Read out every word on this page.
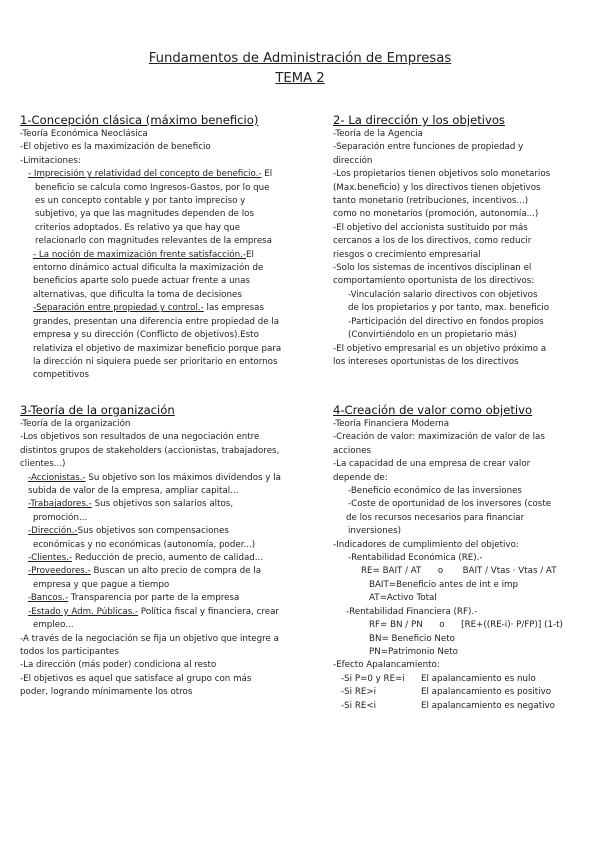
Fundamentos de Administración de Empresas
TEMA 2
1-Concepción clásica (máximo beneficio)
-Teoría Económica Neoclásica
-El objetivo es la maximización de beneficio
-Limitaciones:
- Imprecisión y relatividad del concepto de beneficio.- El
beneficio se calcula como Ingresos-Gastos, por lo que
es un concepto contable y por tanto impreciso y
subjetivo, ya que las magnitudes dependen de los
criterios adoptados. Es relativo ya que hay que
relacionarlo con magnitudes relevantes de la empresa
- La noción de maximización frente satisfacción.-El
entorno dinámico actual dificulta la maximización de
beneficios aparte solo puede actuar frente a unas
alternativas, que dificulta la toma de decisiones
-Separación entre propiedad y control.- las empresas
grandes, presentan una diferencia entre propiedad de la
empresa y su dirección (Conflicto de objetivos).Esto
relativiza el objetivo de maximizar beneficio porque para
la dirección ni siquiera puede ser prioritario en entornos
competitivos
2- La dirección y los objetivos
-Teoría de la Agencia
-Separación entre funciones de propiedad y
dirección
-Los propietarios tienen objetivos solo monetarios
(Max.beneficio) y los directivos tienen objetivos
tanto monetario (retribuciones, incentivos...)
como no monetarios (promoción, autonomía...)
-El objetivo del accionista sustituido por más
cercanos a los de los directivos, como reducir
riesgos o crecimiento empresarial
-Solo los sistemas de incentivos disciplinan el
comportamiento oportunista de los directivos:
-Vinculación salario directivos con objetivos
de los propietarios y por tanto, max. beneficio
-Participación del directivo en fondos propios
(Convirtiéndolo en un propietario más)
-El objetivo empresarial es un objetivo próximo a
los intereses oportunistas de los directivos
3-Teoría de la organización
-Teoría de la organización
-Los objetivos son resultados de una negociación entre
distintos grupos de stakeholders (accionistas, trabajadores,
clientes...)
-Accionistas.- Su objetivo son los máximos dividendos y la
subida de valor de la empresa, ampliar capital...
-Trabajadores.- Sus objetivos son salarios altos,
promoción...
-Dirección.-Sus objetivos son compensaciones
económicas y no económicas (autonomía, poder...)
-Clientes.- Reducción de precio, aumento de calidad...
-Proveedores.- Buscan un alto precio de compra de la
empresa y que pague a tiempo
-Bancos.- Transparencia por parte de la empresa
-Estado y Adm. Públicas.- Política fiscal y financiera, crear
empleo...
-A través de la negociación se fija un objetivo que integre a
todos los participantes
-La dirección (más poder) condiciona al resto
-El objetivos es aquel que satisface al grupo con más
poder, logrando mínimamente los otros
4-Creación de valor como objetivo
-Teoría Financiera Moderna
-Creación de valor: maximización de valor de las
acciones
-La capacidad de una empresa de crear valor
depende de:
-Beneficio económico de las inversiones
-Coste de oportunidad de los inversores (coste
de los recursos necesarios para financiar
inversiones)
-Indicadores de cumplimiento del objetivo:
-Rentabilidad Económica (RE).-
RE= BAIT / AT      o       BAIT / Vtas · Vtas / AT
BAIT=Beneficio antes de int e imp
AT=Activo Total
-Rentabilidad Financiera (RF).-
RF= BN / PN      o      [RE+((RE-i)· P/FP)] (1-t)
BN= Beneficio Neto
PN=Patrimonio Neto
-Efecto Apalancamiento:
-Si P=0 y RE=i El apalancamiento es nulo
-Si RE>i	El apalancamiento es positivo
-Si RE<i	El apalancamiento es negativo
